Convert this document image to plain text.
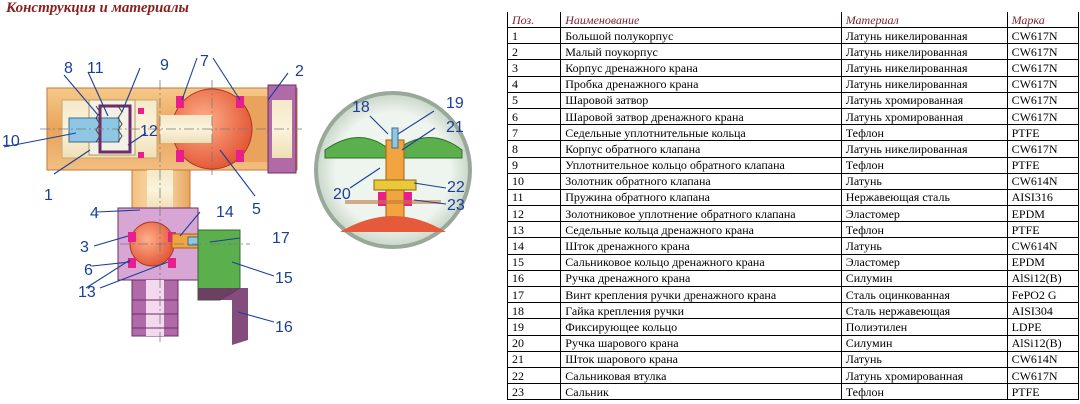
Конструкция и материалы
1
2
3
4	5
6
7
8	9
10
11
12
13
14
15
16
17
18	19
20
21
22
23
Поз.	Наименование	Материал	Марка
1	Большой полукорпус	Латунь никелированная	CW617N
2	Малый поукорпус	Латунь никелированная	CW617N
3	Корпус дренажного крана	Латунь никелированная	CW617N
4	Пробка дренажного крана	Латунь никелированная	CW617N
5	Шаровой затвор	Латунь хромированная	CW617N
6	Шаровой затвор дренажного крана	Латунь хромированная	CW617N
7	Седельные уплотнительные кольца	Тефлон	PTFE
8	Корпус обратного клапана	Латунь никелированная	CW617N
9	Уплотнительное кольцо обратного клапана	Тефлон	PTFE
10	Золотник обратного клапана	Латунь	CW614N
11	Пружина обратного клапана	Нержавеющая сталь	AISI316
12	Золотниковое уплотнение обратного клапана	Эластомер	EPDM
13	Седельные кольца дренажного крана	Тефлон	PTFE
14	Шток дренажного крана	Латунь	CW614N
15	Сальниковое кольцо дренажного крана	Эластомер	EPDM
16	Ручка дренажного крана	Силумин	AlSi12(B)
17	Винт крепления ручки дренажного крана	Сталь оцинкованная	FePO2 G
18	Гайка крепления ручки	Сталь нержавеющая	AISI304
19	Фиксирующее кольцо	Полиэтилен	LDPE
20	Ручка шарового крана	Силумин	AlSi12(B)
21	Шток шарового крана	Латунь	CW614N
22	Сальниковая втулка	Латунь хромированная	CW617N
23	Сальник	Тефлон	PTFE
